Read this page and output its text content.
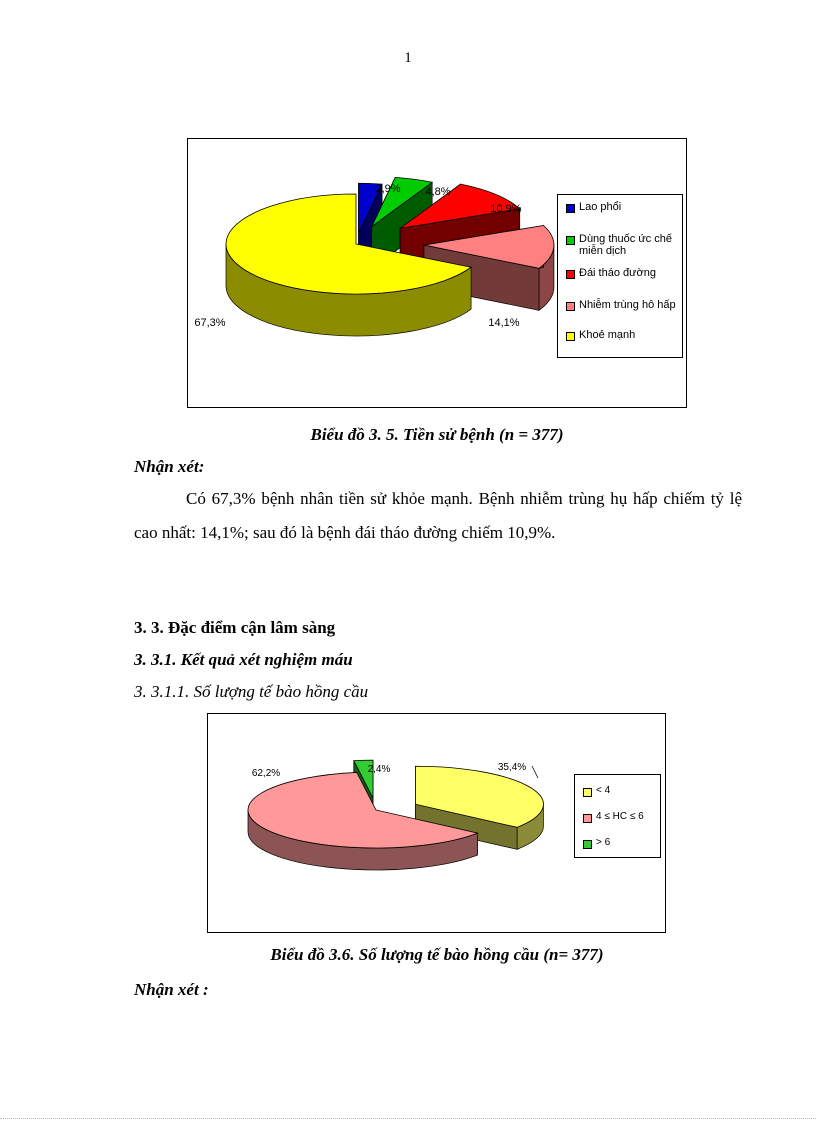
1
2,9% 4,8%
10,9%
14,1%
67,3%
Lao phổi
Dùng thuốc ức chế miễn dịch
Đái tháo đường
Nhiễm trùng hô hấp
Khoẻ mạnh
Biểu đồ 3. 5. Tiền sử bệnh (n = 377)
Nhận xét:
Có 67,3% bệnh nhân tiền sử khỏe mạnh. Bệnh nhiễm trùng hụ hấp chiếm tỷ lệ cao nhất: 14,1%; sau đó là bệnh đái tháo đường chiếm 10,9%.
3. 3. Đặc điểm cận lâm sàng
3. 3.1. Kết quả xét nghiệm máu
3. 3.1.1. Số lượng tế bào hồng cầu
35,4%
62,2%	2,4%
< 4
4 ≤ HC ≤ 6
> 6
Biểu đồ 3.6. Số lượng tế bào hồng cầu (n= 377)
Nhận xét :
